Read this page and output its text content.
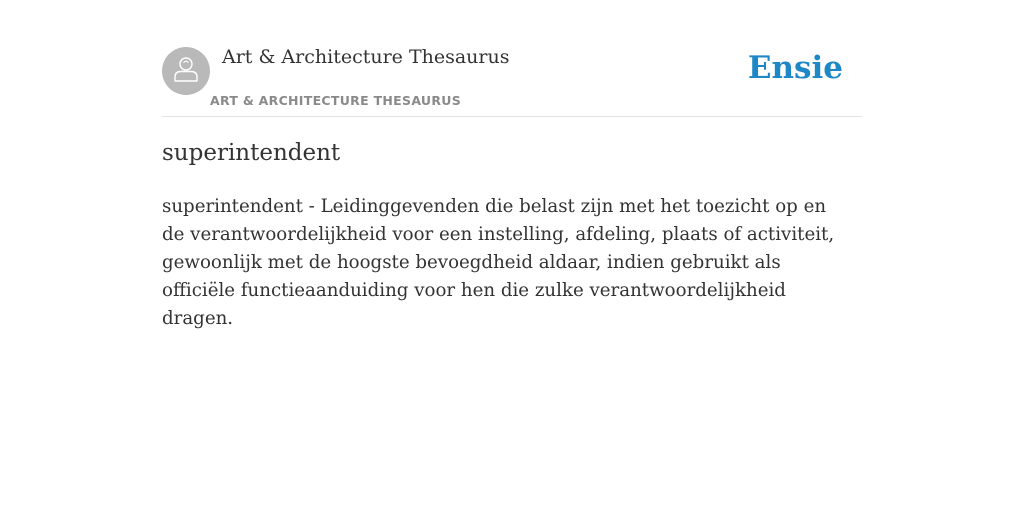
Art & Architecture Thesaurus
ART & ARCHITECTURE THESAURUS
Ensie
superintendent

superintendent - Leidinggevenden die belast zijn met het toezicht op en de verantwoordelijkheid voor een instelling, afdeling, plaats of activiteit, gewoonlijk met de hoogste bevoegdheid aldaar, indien gebruikt als officiële functieaanduiding voor hen die zulke verantwoordelijkheid dragen.
